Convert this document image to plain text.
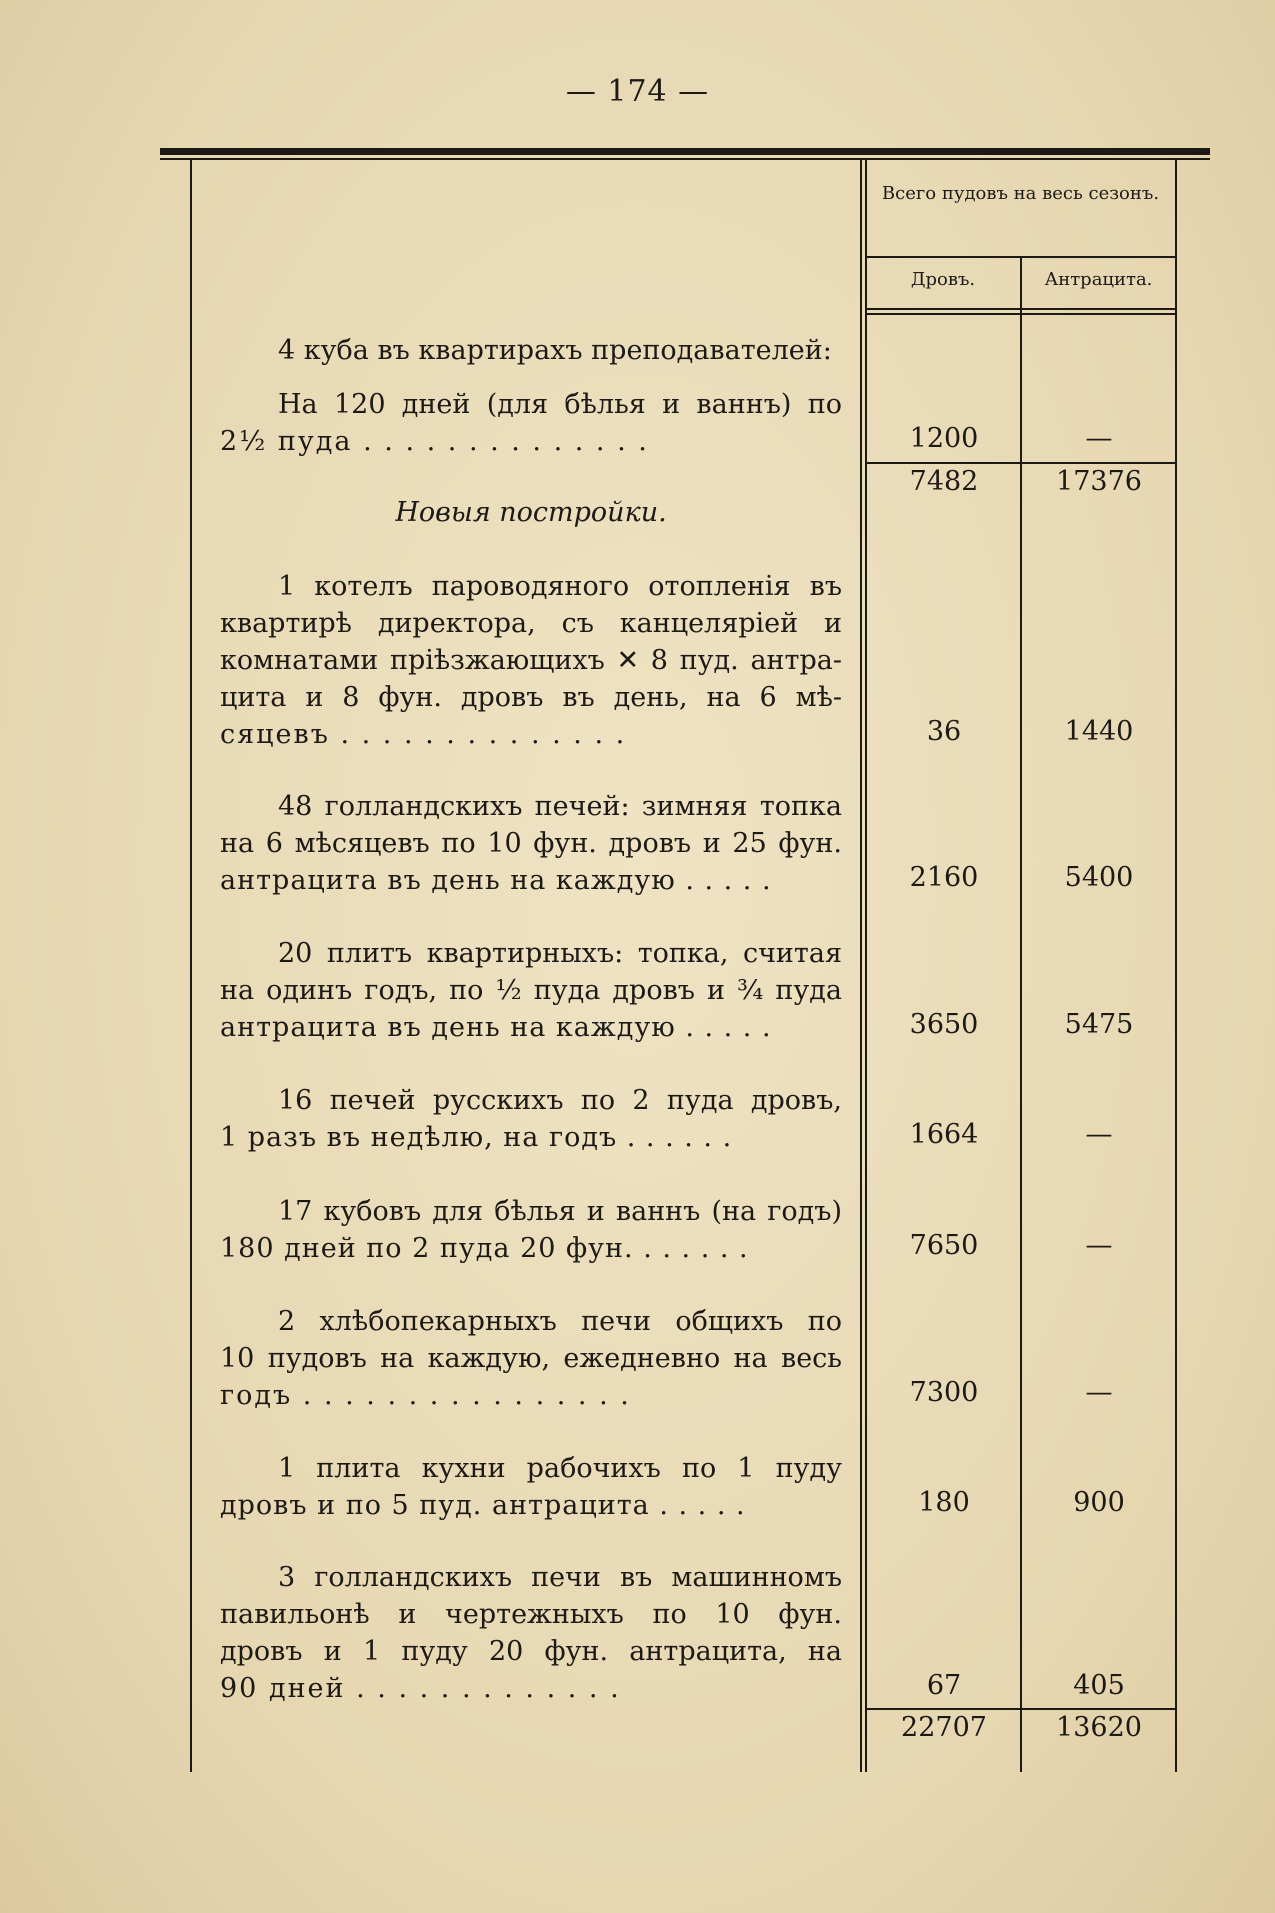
— 174 —
Всего пудовъ на весь сезонъ.
Дровъ.	Антрацита.
4 куба въ квартирахъ преподавателей:
На 120 дней (для бѣлья и ваннъ) по
2½ пуда . . . . . . . . . . . . . .	1200	—
7482	17376
Новыя постройки.
1 котелъ пароводяного отопленія въ
квартирѣ директора, съ канцеляріей и
комнатами пріѣзжающихъ ✕ 8 пуд. антра-
цита и 8 фун. дровъ въ день, на 6 мѣ-
сяцевъ . . . . . . . . . . . . . .	36	1440
48 голландскихъ печей: зимняя топка
на 6 мѣсяцевъ по 10 фун. дровъ и 25 фун.
антрацита въ день на каждую . . . . .	2160	5400
20 плитъ квартирныхъ: топка, считая
на одинъ годъ, по ½ пуда дровъ и ¾ пуда
антрацита въ день на каждую . . . . .	3650	5475
16 печей русскихъ по 2 пуда дровъ,
1 разъ въ недѣлю, на годъ . . . . . .	1664	—
17 кубовъ для бѣлья и ваннъ (на годъ)
180 дней по 2 пуда 20 фун. . . . . . .	7650	—
2 хлѣбопекарныхъ печи общихъ по
10 пудовъ на каждую, ежедневно на весь
годъ . . . . . . . . . . . . . . . .	7300	—
1 плита кухни рабочихъ по 1 пуду
дровъ и по 5 пуд. антрацита . . . . .	180	900
3 голландскихъ печи въ машинномъ
павильонѣ и чертежныхъ по 10 фун.
дровъ и 1 пуду 20 фун. антрацита, на
90 дней . . . . . . . . . . . . .	67	405
22707	13620
